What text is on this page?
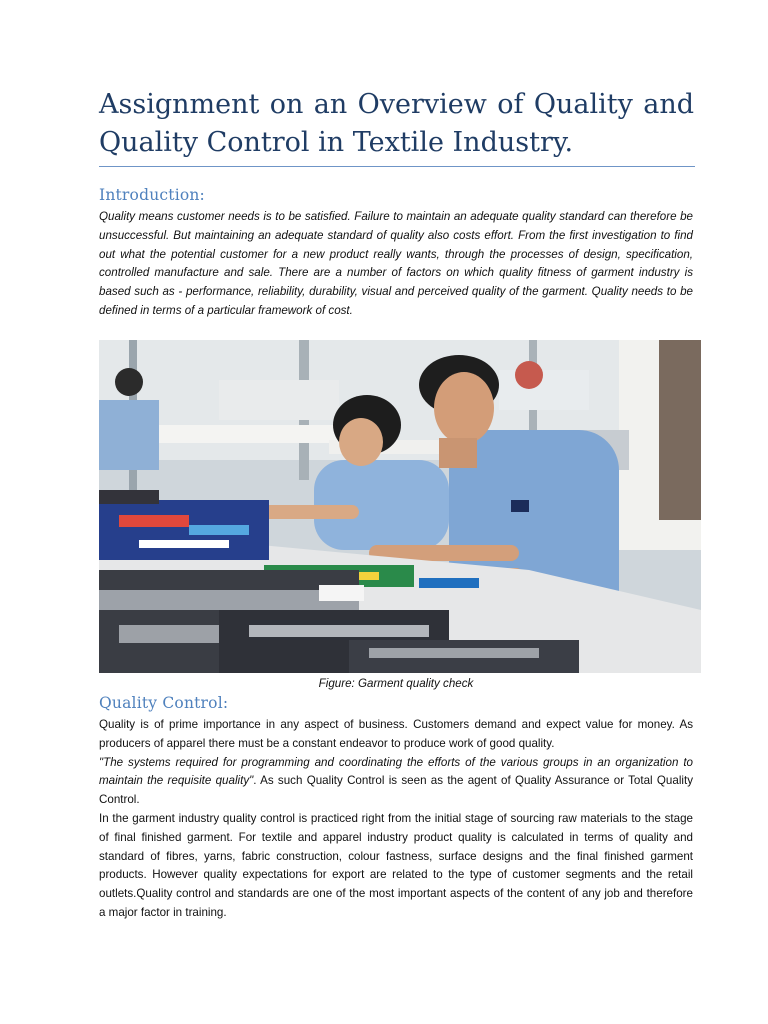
Assignment on an Overview of Quality and Quality Control in Textile Industry.
Introduction:

Quality means customer needs is to be satisfied. Failure to maintain an adequate quality standard can therefore be unsuccessful. But maintaining an adequate standard of quality also costs effort. From the first investigation to find out what the potential customer for a new product really wants, through the processes of design, specification, controlled manufacture and sale. There are a number of factors on which quality fitness of garment industry is based such as - performance, reliability, durability, visual and perceived quality of the garment. Quality needs to be defined in terms of a particular framework of cost.

Figure: Garment quality check

Quality Control:

Quality is of prime importance in any aspect of business. Customers demand and expect value for money. As producers of apparel there must be a constant endeavor to produce work of good quality.

"The systems required for programming and coordinating the efforts of the various groups in an organization to maintain the requisite quality". As such Quality Control is seen as the agent of Quality Assurance or Total Quality Control.

In the garment industry quality control is practiced right from the initial stage of sourcing raw materials to the stage of final finished garment. For textile and apparel industry product quality is calculated in terms of quality and standard of fibres, yarns, fabric construction, colour fastness, surface designs and the final finished garment products. However quality expectations for export are related to the type of customer segments and the retail outlets.Quality control and standards are one of the most important aspects of the content of any job and therefore a major factor in training.
